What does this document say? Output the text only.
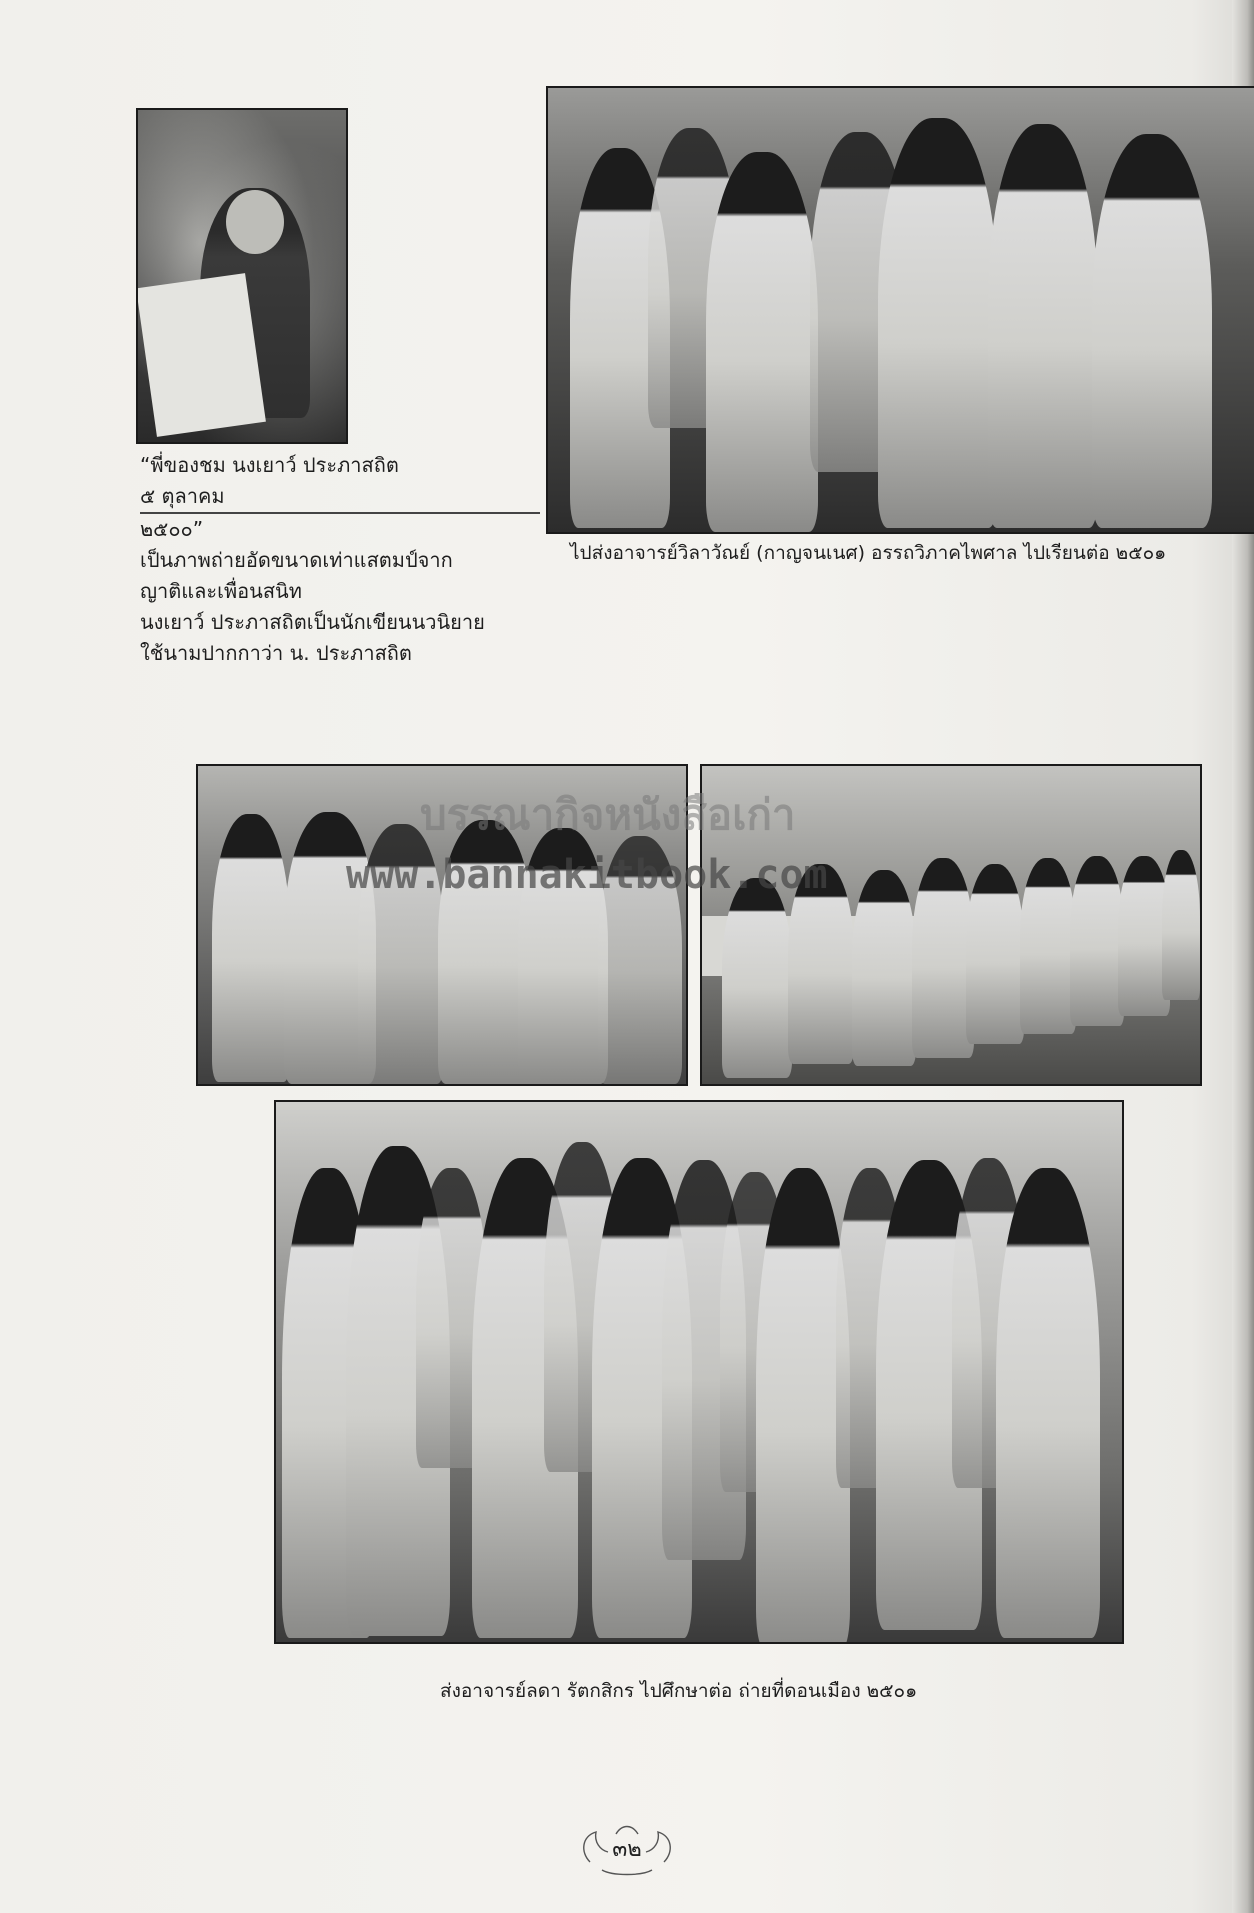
“พี่ของชม นงเยาว์ ประภาสถิต
๕ ตุลาคม
๒๕๐๐”
เป็นภาพถ่ายอัดขนาดเท่าแสตมป์จาก
ญาติและเพื่อนสนิท
นงเยาว์ ประภาสถิตเป็นนักเขียนนวนิยาย
ใช้นามปากกาว่า น. ประภาสถิต

ไปส่งอาจารย์วิลาวัณย์ (กาญจนเนศ) อรรถวิภาคไพศาล ไปเรียนต่อ ๒๕๐๑

บรรณากิจหนังสือเก่า
www.bannakitbook.com

ส่งอาจารย์ลดา รัตกสิกร ไปศึกษาต่อ ถ่ายที่ดอนเมือง ๒๕๐๑

๓๒
